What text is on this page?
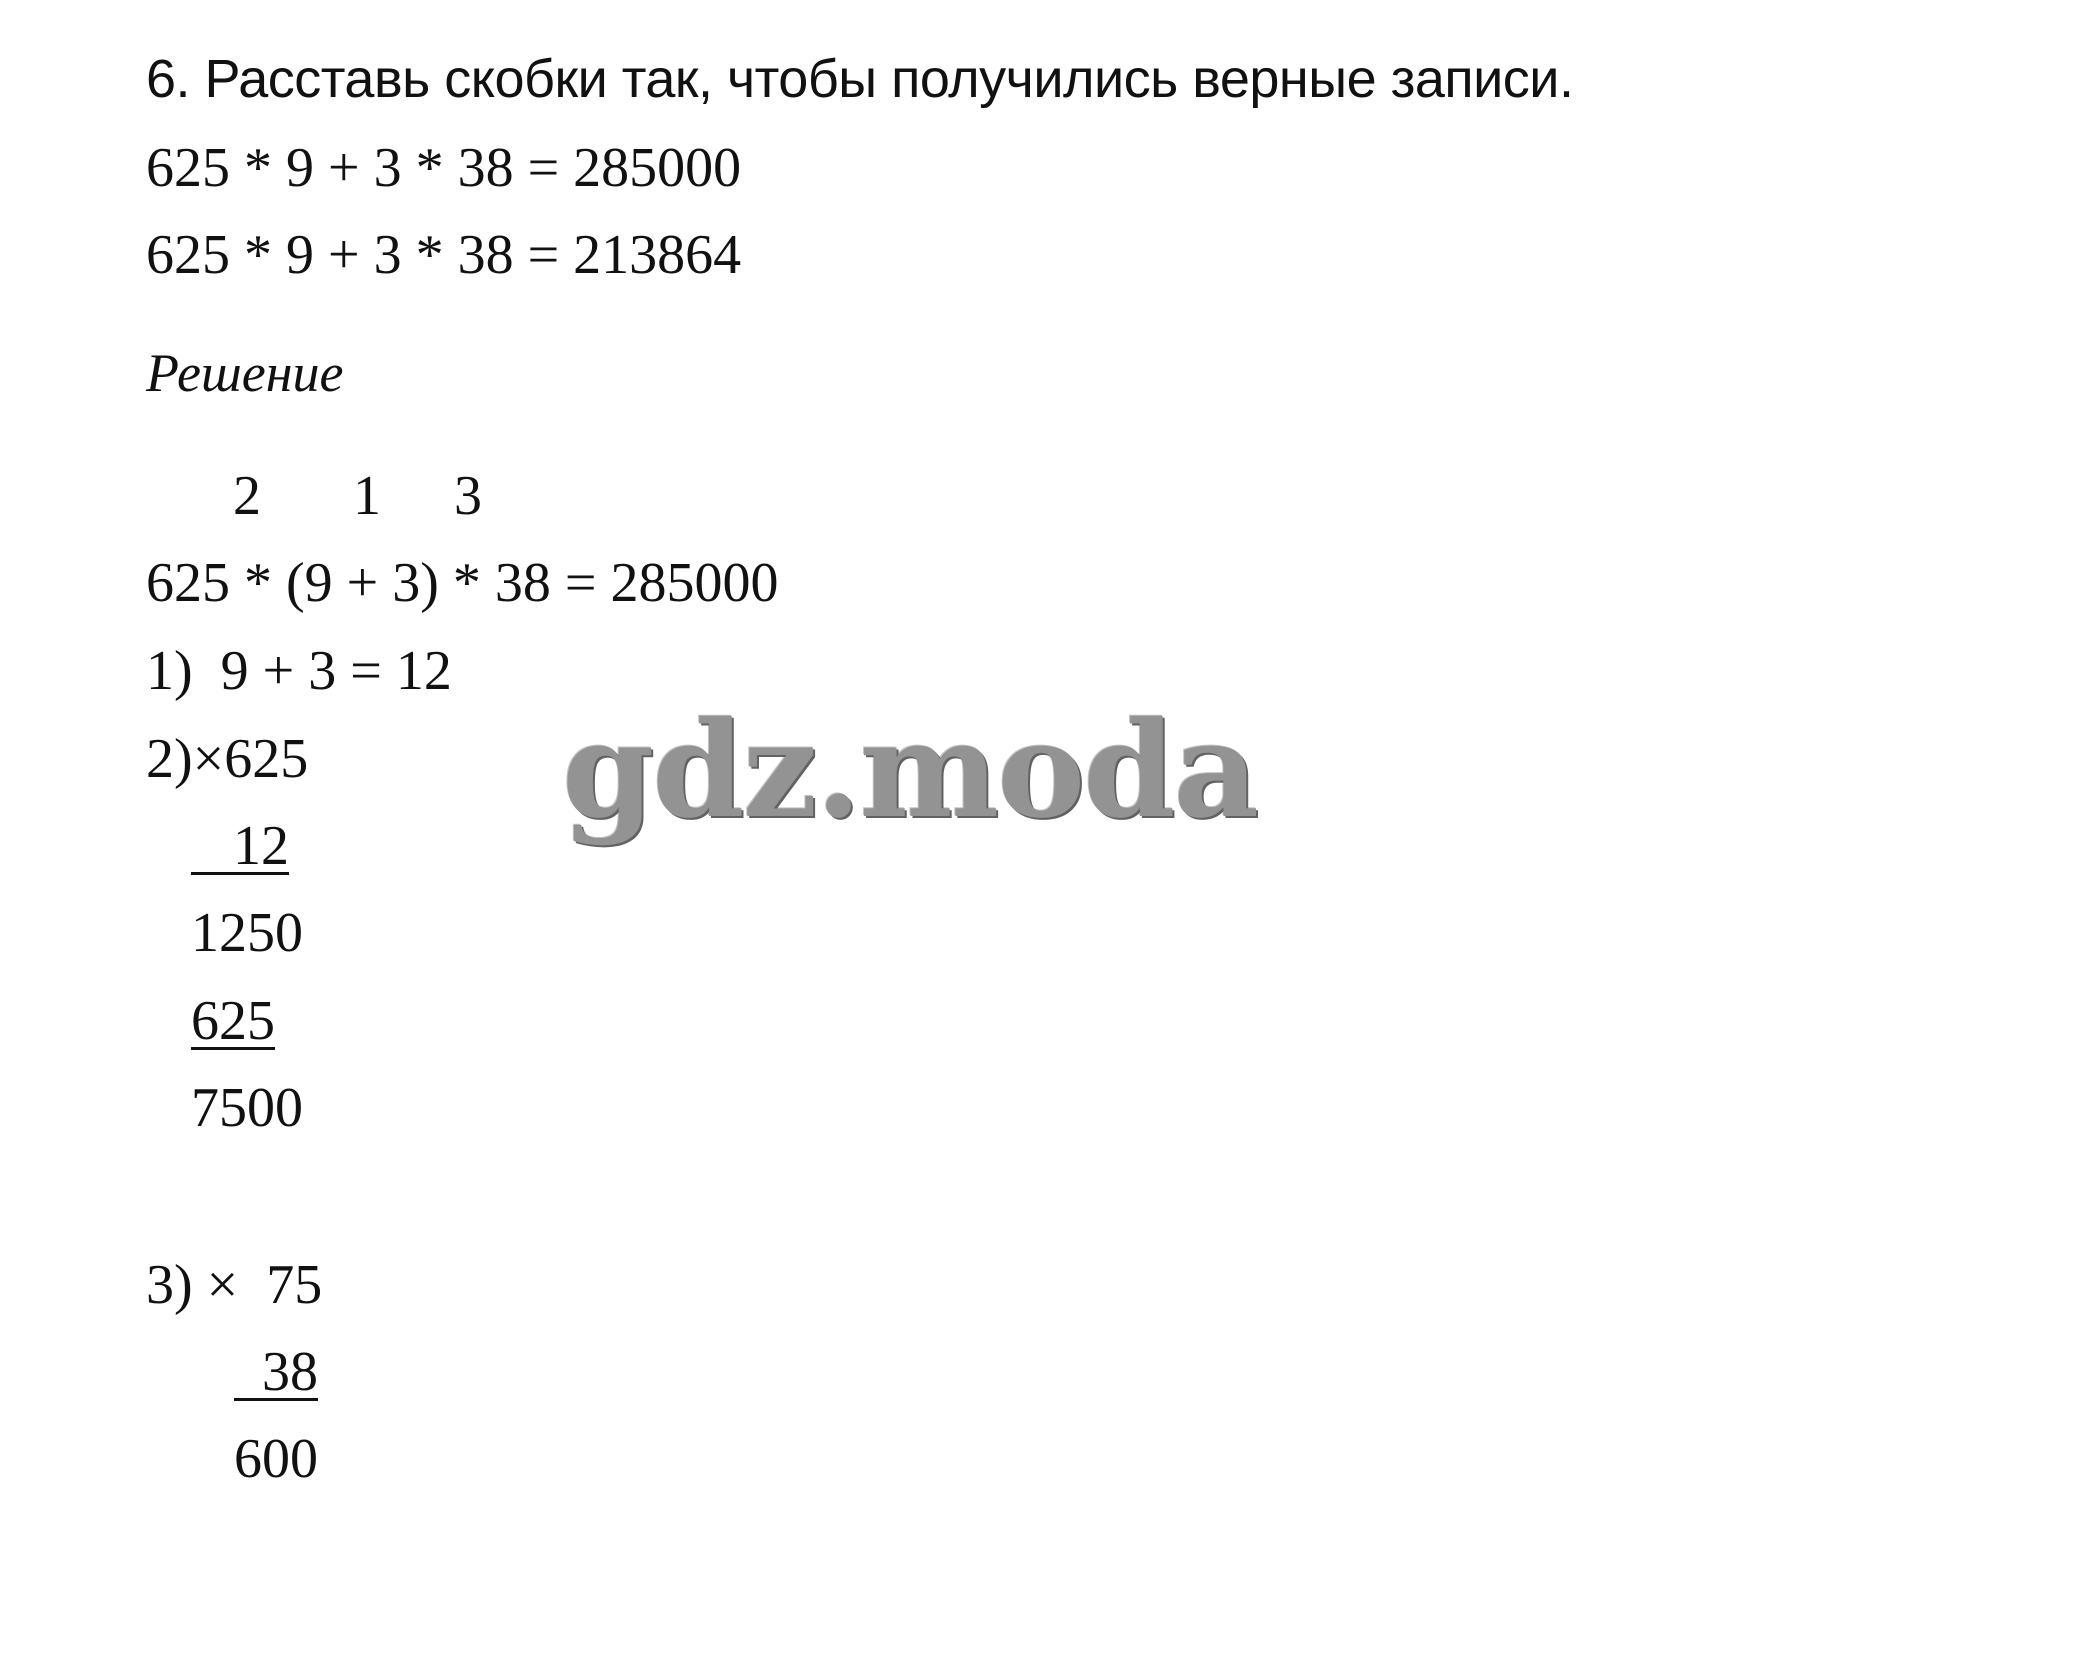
6. Расставь скобки так, чтобы получились верные записи.
625 * 9 + 3 * 38 = 285000
625 * 9 + 3 * 38 = 213864
Решение
2 1 3
625 * (9 + 3) * 38 = 285000
1)  9 + 3 = 12
2)×625
12
1250
625
7500
3) ×  75
38
600
gdz.moda
